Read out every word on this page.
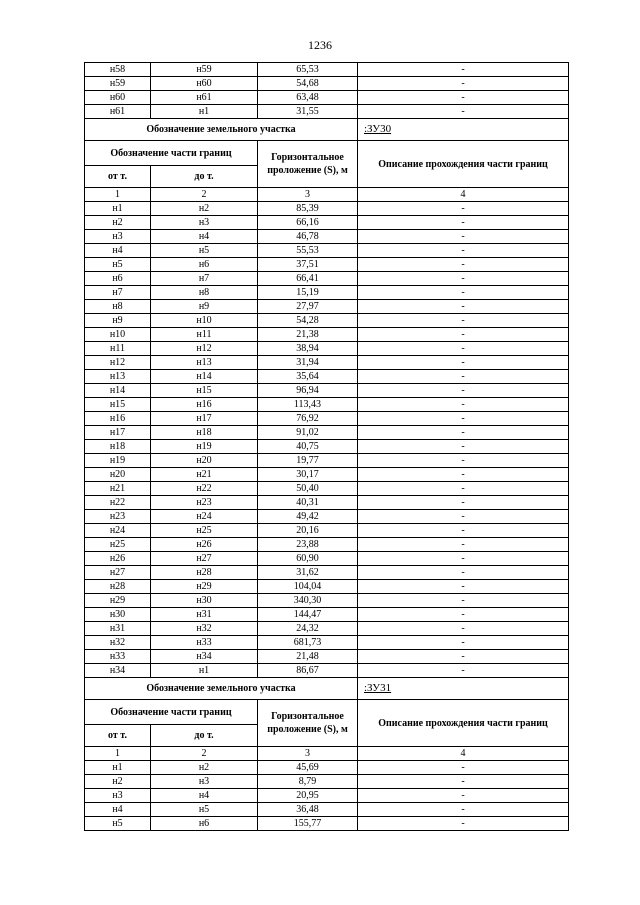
1236
н58	н59	65,53	-
н59	н60	54,68	-
н60	н61	63,48	-
н61	н1	31,55	-
Обозначение земельного участка			:ЗУ30
Обозначение части границ		Горизонтальное проложение (S), м	Описание прохождения части границ
от т.	до т.		
1	2	3	4
н1	н2	85,39	-
н2	н3	66,16	-
н3	н4	46,78	-
н4	н5	55,53	-
н5	н6	37,51	-
н6	н7	66,41	-
н7	н8	15,19	-
н8	н9	27,97	-
н9	н10	54,28	-
н10	н11	21,38	-
н11	н12	38,94	-
н12	н13	31,94	-
н13	н14	35,64	-
н14	н15	96,94	-
н15	н16	113,43	-
н16	н17	76,92	-
н17	н18	91,02	-
н18	н19	40,75	-
н19	н20	19,77	-
н20	н21	30,17	-
н21	н22	50,40	-
н22	н23	40,31	-
н23	н24	49,42	-
н24	н25	20,16	-
н25	н26	23,88	-
н26	н27	60,90	-
н27	н28	31,62	-
н28	н29	104,04	-
н29	н30	340,30	-
н30	н31	144,47	-
н31	н32	24,32	-
н32	н33	681,73	-
н33	н34	21,48	-
н34	н1	86,67	-
Обозначение земельного участка			:ЗУ31
Обозначение части границ		Горизонтальное проложение (S), м	Описание прохождения части границ
от т.	до т.		
1	2	3	4
н1	н2	45,69	-
н2	н3	8,79	-
н3	н4	20,95	-
н4	н5	36,48	-
н5	н6	155,77	-
